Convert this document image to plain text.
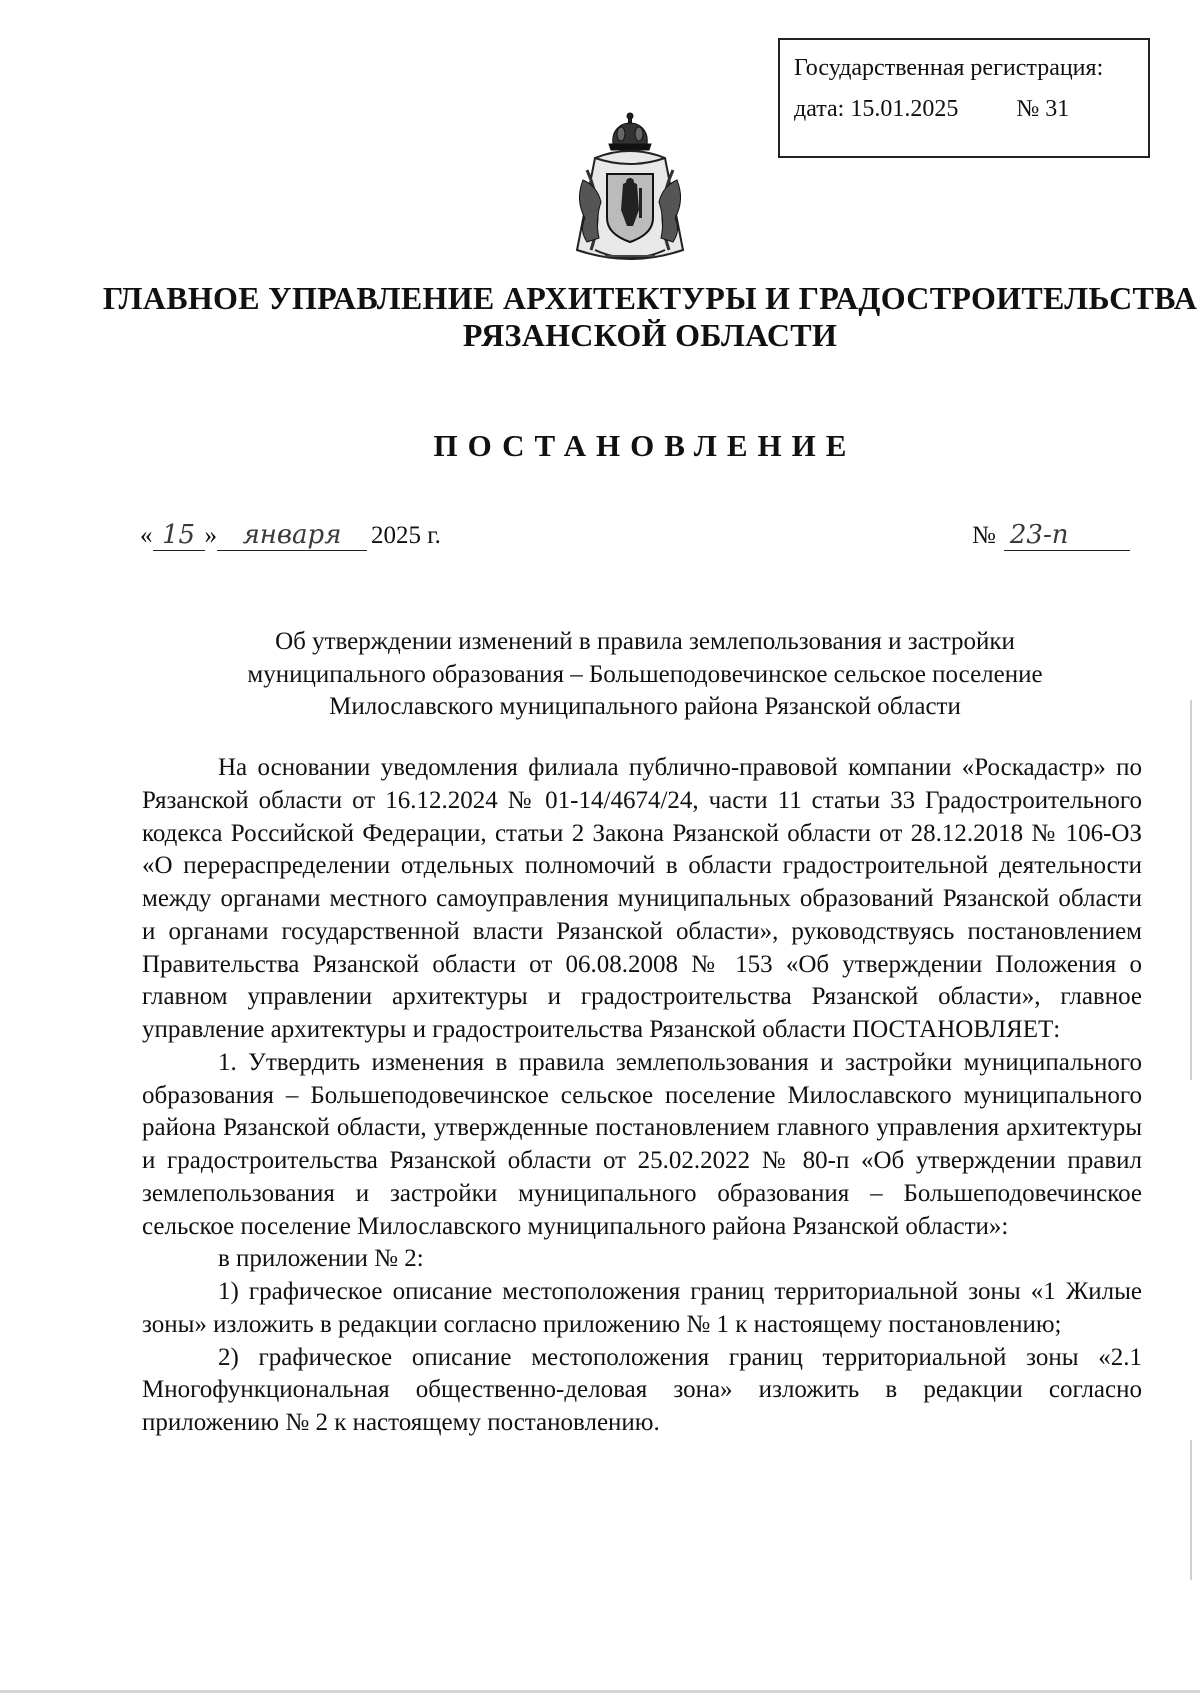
Государственная регистрация:
дата: 15.01.2025 № 31
ГЛАВНОЕ УПРАВЛЕНИЕ АРХИТЕКТУРЫ И ГРАДОСТРОИТЕЛЬСТВА
РЯЗАНСКОЙ ОБЛАСТИ
ПОСТАНОВЛЕНИЕ
« 15 » января	2025 г.	№ 23-п
Об утверждении изменений в правила землепользования и застройки
муниципального образования – Большеподовечинское сельское поселение
Милославского муниципального района Рязанской области

На основании уведомления филиала публично-правовой компании «Роскадастр» по Рязанской области от 16.12.2024 № 01-14/4674/24, части 11 статьи 33 Градостроительного кодекса Российской Федерации, статьи 2 Закона Рязанской области от 28.12.2018 № 106-ОЗ «О перераспределении отдельных полномочий в области градостроительной деятельности между органами местного самоуправления муниципальных образований Рязанской области и органами государственной власти Рязанской области», руководствуясь постановлением Правительства Рязанской области от 06.08.2008 № 153 «Об утверждении Положения о главном управлении архитектуры и градостроительства Рязанской области», главное управление архитектуры и градостроительства Рязанской области ПОСТАНОВЛЯЕТ:

1. Утвердить изменения в правила землепользования и застройки муниципального образования – Большеподовечинское сельское поселение Милославского муниципального района Рязанской области, утвержденные постановлением главного управления архитектуры и градостроительства Рязанской области от 25.02.2022 № 80-п «Об утверждении правил землепользования и застройки муниципального образования – Большеподовечинское сельское поселение Милославского муниципального района Рязанской области»:

в приложении № 2:

1) графическое описание местоположения границ территориальной зоны «1 Жилые зоны» изложить в редакции согласно приложению № 1 к настоящему постановлению;

2) графическое описание местоположения границ территориальной зоны «2.1 Многофункциональная общественно-деловая зона» изложить в редакции согласно приложению № 2 к настоящему постановлению.
